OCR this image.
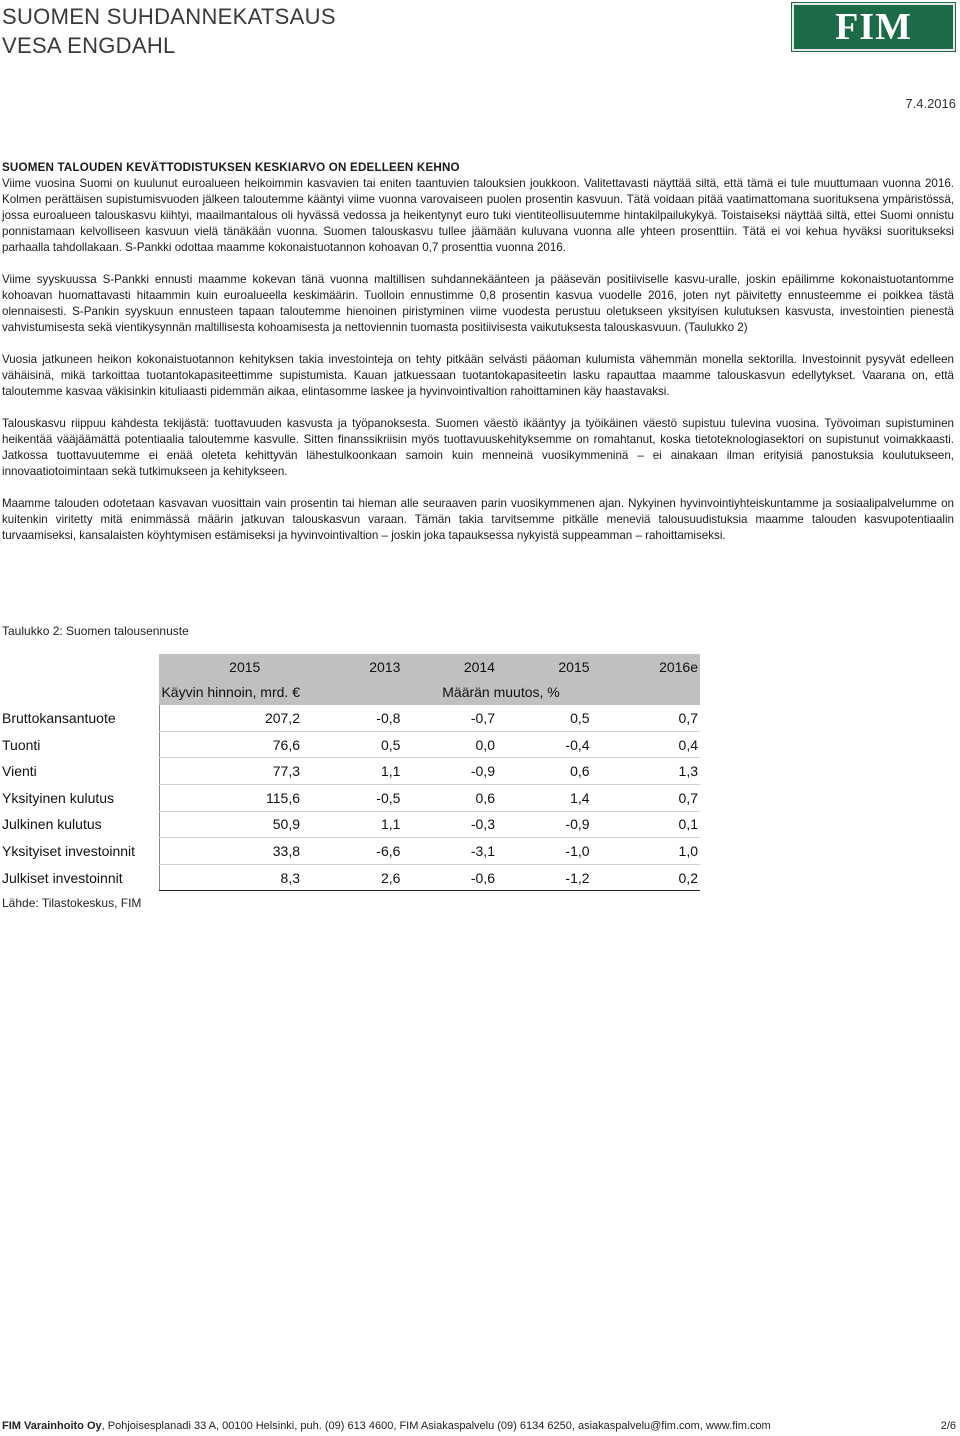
SUOMEN SUHDANNEKATSAUS
VESA ENGDAHL	FIM
7.4.2016
SUOMEN TALOUDEN KEVÄTTODISTUKSEN KESKIARVO ON EDELLEEN KEHNO

Viime vuosina Suomi on kuulunut euroalueen heikoimmin kasvavien tai eniten taantuvien talouksien joukkoon. Valitettavasti näyttää siltä, että tämä ei tule muuttumaan vuonna 2016. Kolmen perättäisen supistumisvuoden jälkeen taloutemme kääntyi viime vuonna varovaiseen puolen prosentin kasvuun. Tätä voidaan pitää vaatimattomana suorituksena ympäristössä, jossa euroalueen talouskasvu kiihtyi, maailmantalous oli hyvässä vedossa ja heikentynyt euro tuki vientiteollisuutemme hintakilpailukykyä. Toistaiseksi näyttää siltä, ettei Suomi onnistu ponnistamaan kelvolliseen kasvuun vielä tänäkään vuonna. Suomen talouskasvu tullee jäämään kuluvana vuonna alle yhteen prosenttiin. Tätä ei voi kehua hyväksi suoritukseksi parhaalla tahdollakaan. S-Pankki odottaa maamme kokonaistuotannon kohoavan 0,7 prosenttia vuonna 2016.

Viime syyskuussa S-Pankki ennusti maamme kokevan tänä vuonna maltillisen suhdannekäänteen ja pääsevän positiiviselle kasvu-uralle, joskin epäilimme kokonaistuotantomme kohoavan huomattavasti hitaammin kuin euroalueella keskimäärin. Tuolloin ennustimme 0,8 prosentin kasvua vuodelle 2016, joten nyt päivitetty ennusteemme ei poikkea tästä olennaisesti. S-Pankin syyskuun ennusteen tapaan taloutemme hienoinen piristyminen viime vuodesta perustuu oletukseen yksityisen kulutuksen kasvusta, investointien pienestä vahvistumisesta sekä vientikysynnän maltillisesta kohoamisesta ja nettoviennin tuomasta positiivisesta vaikutuksesta talouskasvuun. (Taulukko 2)

Vuosia jatkuneen heikon kokonaistuotannon kehityksen takia investointeja on tehty pitkään selvästi pääoman kulumista vähemmän monella sektorilla. Investoinnit pysyvät edelleen vähäisinä, mikä tarkoittaa tuotantokapasiteettimme supistumista. Kauan jatkuessaan tuotantokapasiteetin lasku rapauttaa maamme talouskasvun edellytykset. Vaarana on, että taloutemme kasvaa väkisinkin kituliaasti pidemmän aikaa, elintasomme laskee ja hyvinvointivaltion rahoittaminen käy haastavaksi.

Talouskasvu riippuu kahdesta tekijästä: tuottavuuden kasvusta ja työpanoksesta. Suomen väestö ikääntyy ja työikäinen väestö supistuu tulevina vuosina. Työvoiman supistuminen heikentää vääjäämättä potentiaalia taloutemme kasvulle. Sitten finanssikriisin myös tuottavuuskehityksemme on romahtanut, koska tietoteknologiasektori on supistunut voimakkaasti. Jatkossa tuottavuutemme ei enää oleteta kehittyvän lähestulkoonkaan samoin kuin menneinä vuosikymmeninä – ei ainakaan ilman erityisiä panostuksia koulutukseen, innovaatiotoimintaan sekä tutkimukseen ja kehitykseen.

Maamme talouden odotetaan kasvavan vuosittain vain prosentin tai hieman alle seuraaven parin vuosikymmenen ajan. Nykyinen hyvinvointiyhteiskuntamme ja sosiaalipalvelumme on kuitenkin viritetty mitä enimmässä määrin jatkuvan talouskasvun varaan. Tämän takia tarvitsemme pitkälle meneviä talousuudistuksia maamme talouden kasvupotentiaalin turvaamiseksi, kansalaisten köyhtymisen estämiseksi ja hyvinvointivaltion – joskin joka tapauksessa nykyistä suppeamman – rahoittamiseksi.

Taulukko 2: Suomen talousennuste
	2015	2013	2014	2015	2016e
	Käyvin hinnoin, mrd. €	Määrän muutos, %			
Bruttokansantuote	207,2	-0,8	-0,7	0,5	0,7
Tuonti	76,6	0,5	0,0	-0,4	0,4
Vienti	77,3	1,1	-0,9	0,6	1,3
Yksityinen kulutus	115,6	-0,5	0,6	1,4	0,7
Julkinen kulutus	50,9	1,1	-0,3	-0,9	0,1
Yksityiset investoinnit	33,8	-6,6	-3,1	-1,0	1,0
Julkiset investoinnit	8,3	2,6	-0,6	-1,2	0,2
Lähde: Tilastokeskus, FIM
FIM Varainhoito Oy, Pohjoisesplanadi 33 A, 00100 Helsinki, puh. (09) 613 4600, FIM Asiakaspalvelu (09) 6134 6250, asiakaspalvelu@fim.com, www.fim.com	2/6
